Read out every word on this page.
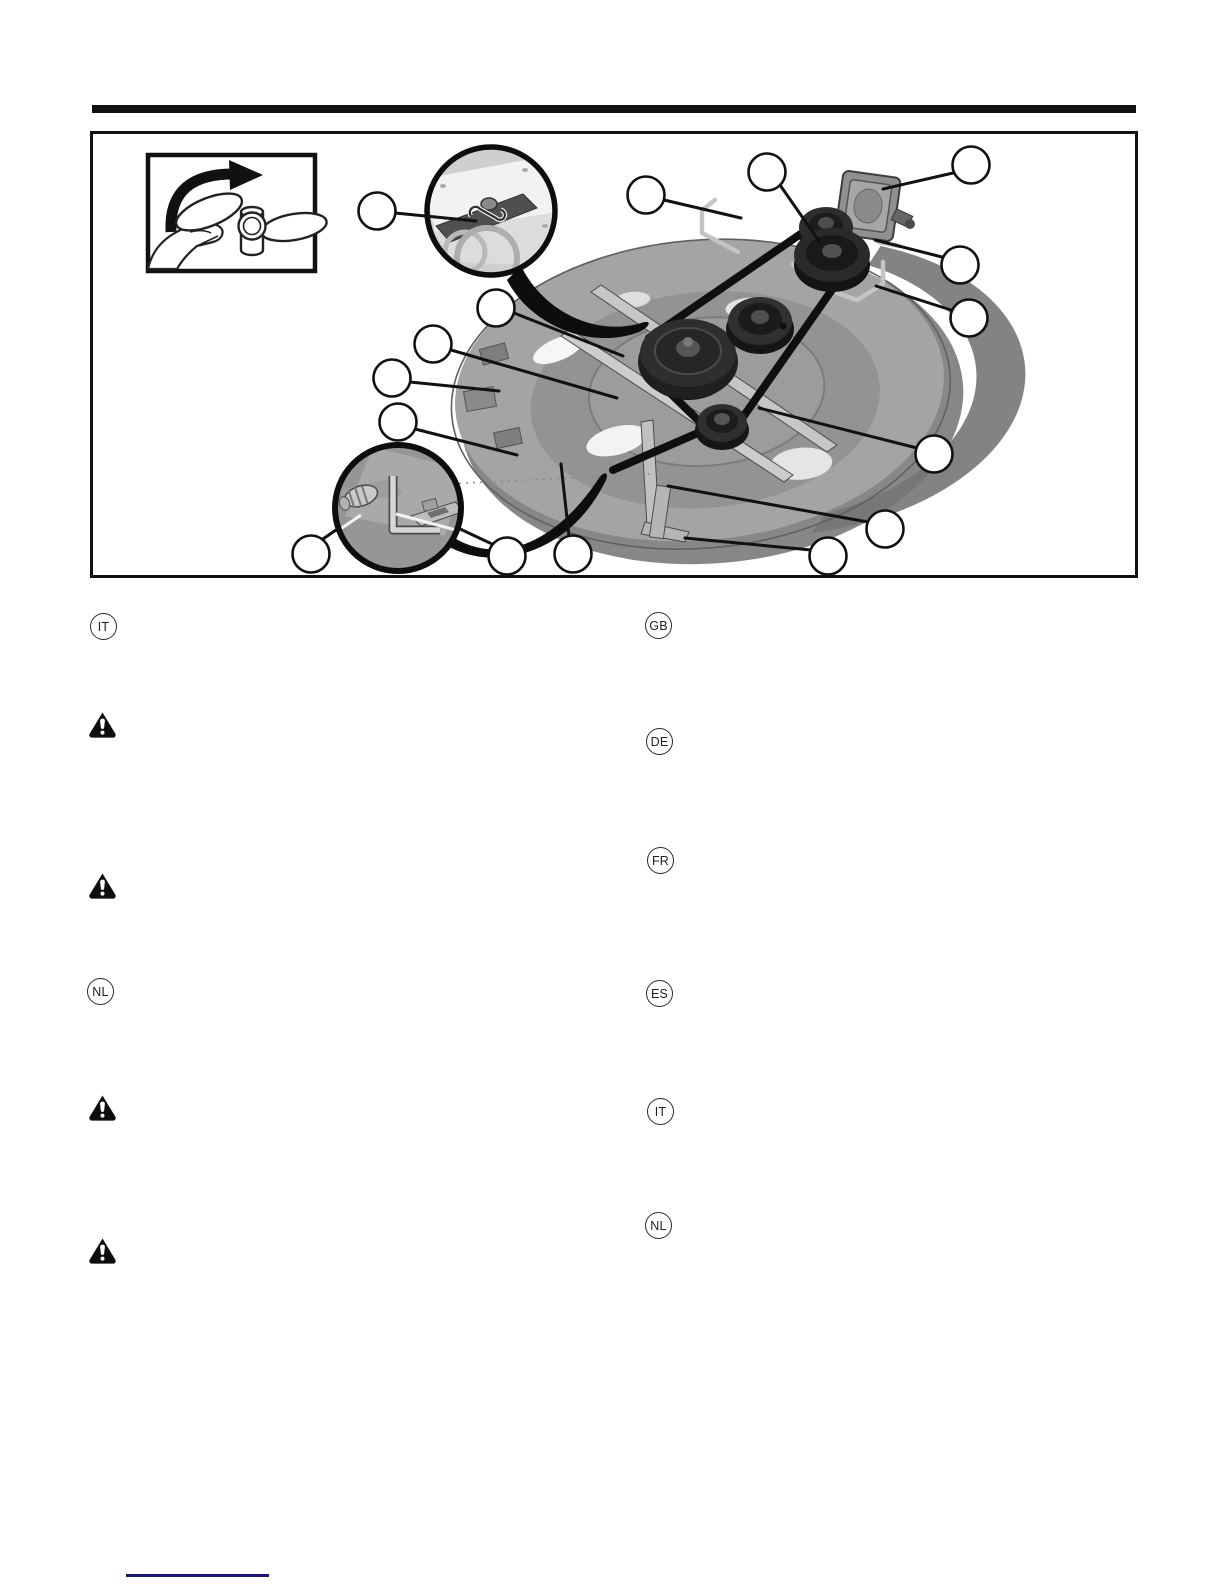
IT
NL
GB
DE
FR
ES
IT
NL
